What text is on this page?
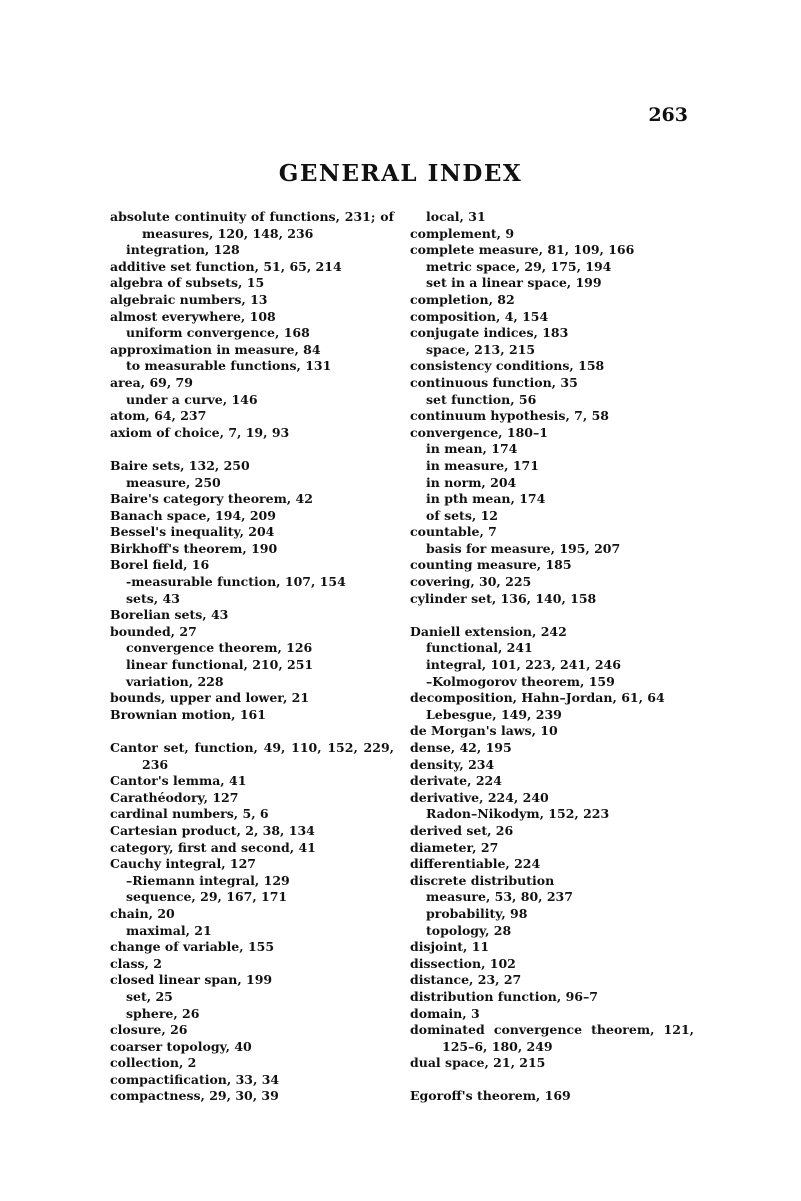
263
GENERAL INDEX
absolute continuity of functions, 231; of measures, 120, 148, 236
integration, 128
additive set function, 51, 65, 214
algebra of subsets, 15
algebraic numbers, 13
almost everywhere, 108
uniform convergence, 168
approximation in measure, 84
to measurable functions, 131
area, 69, 79
under a curve, 146
atom, 64, 237
axiom of choice, 7, 19, 93
Baire sets, 132, 250
measure, 250
Baire's category theorem, 42
Banach space, 194, 209
Bessel's inequality, 204
Birkhoff's theorem, 190
Borel field, 16
-measurable function, 107, 154
sets, 43
Borelian sets, 43
bounded, 27
convergence theorem, 126
linear functional, 210, 251
variation, 228
bounds, upper and lower, 21
Brownian motion, 161
Cantor set, function, 49, 110, 152, 229, 236
Cantor's lemma, 41
Carathéodory, 127
cardinal numbers, 5, 6
Cartesian product, 2, 38, 134
category, first and second, 41
Cauchy integral, 127
–Riemann integral, 129
sequence, 29, 167, 171
chain, 20
maximal, 21
change of variable, 155
class, 2
closed linear span, 199
set, 25
sphere, 26
closure, 26
coarser topology, 40
collection, 2
compactification, 33, 34
compactness, 29, 30, 39
local, 31
complement, 9
complete measure, 81, 109, 166
metric space, 29, 175, 194
set in a linear space, 199
completion, 82
composition, 4, 154
conjugate indices, 183
space, 213, 215
consistency conditions, 158
continuous function, 35
set function, 56
continuum hypothesis, 7, 58
convergence, 180–1
in mean, 174
in measure, 171
in norm, 204
in pth mean, 174
of sets, 12
countable, 7
basis for measure, 195, 207
counting measure, 185
covering, 30, 225
cylinder set, 136, 140, 158
Daniell extension, 242
functional, 241
integral, 101, 223, 241, 246
–Kolmogorov theorem, 159
decomposition, Hahn–Jordan, 61, 64
Lebesgue, 149, 239
de Morgan's laws, 10
dense, 42, 195
density, 234
derivate, 224
derivative, 224, 240
Radon–Nikodym, 152, 223
derived set, 26
diameter, 27
differentiable, 224
discrete distribution
measure, 53, 80, 237
probability, 98
topology, 28
disjoint, 11
dissection, 102
distance, 23, 27
distribution function, 96–7
domain, 3
dominated convergence theorem, 121, 125–6, 180, 249
dual space, 21, 215
Egoroff's theorem, 169
